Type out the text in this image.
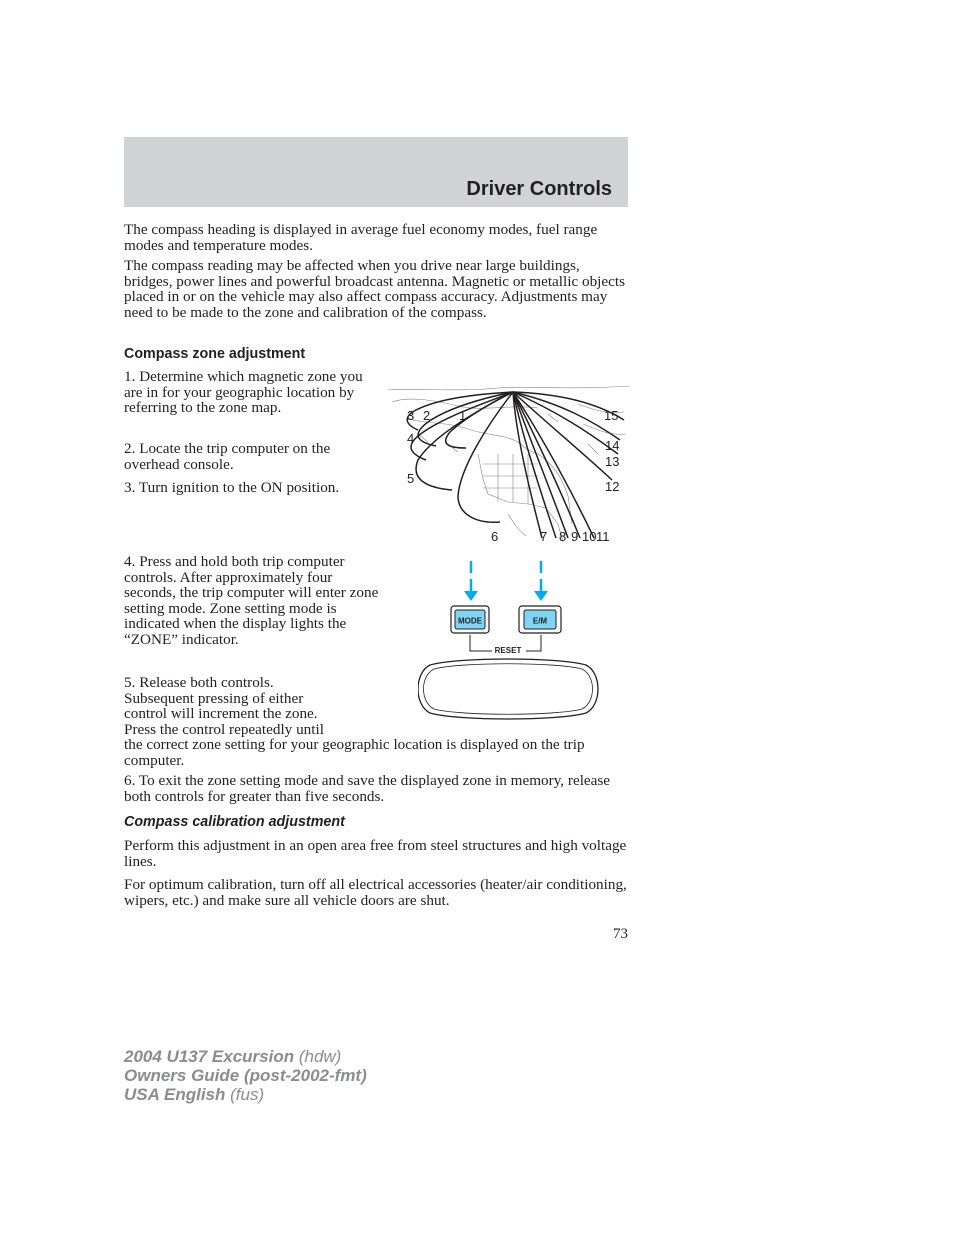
Driver Controls

The compass heading is displayed in average fuel economy modes, fuel range modes and temperature modes.

The compass reading may be affected when you drive near large buildings, bridges, power lines and powerful broadcast antenna. Magnetic or metallic objects placed in or on the vehicle may also affect compass accuracy. Adjustments may need to be made to the zone and calibration of the compass.

Compass zone adjustment

1. Determine which magnetic zone you are in for your geographic location by referring to the zone map.

2. Locate the trip computer on the overhead console.

3. Turn ignition to the ON position.

3 2 1
4
5
6	7 8 9 10 11
12
13
14
15

4. Press and hold both trip computer controls. After approximately four seconds, the trip computer will enter zone setting mode. Zone setting mode is indicated when the display lights the “ZONE” indicator.

5. Release both controls.
Subsequent pressing of either
control will increment the zone.
Press the control repeatedly until

the correct zone setting for your geographic location is displayed on the trip computer.

6. To exit the zone setting mode and save the displayed zone in memory, release both controls for greater than five seconds.

MODE	E/M
RESET
Compass calibration adjustment

Perform this adjustment in an open area free from steel structures and high voltage lines.

For optimum calibration, turn off all electrical accessories (heater/air conditioning, wipers, etc.) and make sure all vehicle doors are shut.

73
2004 U137 Excursion (hdw)
Owners Guide (post-2002-fmt)
USA English (fus)
